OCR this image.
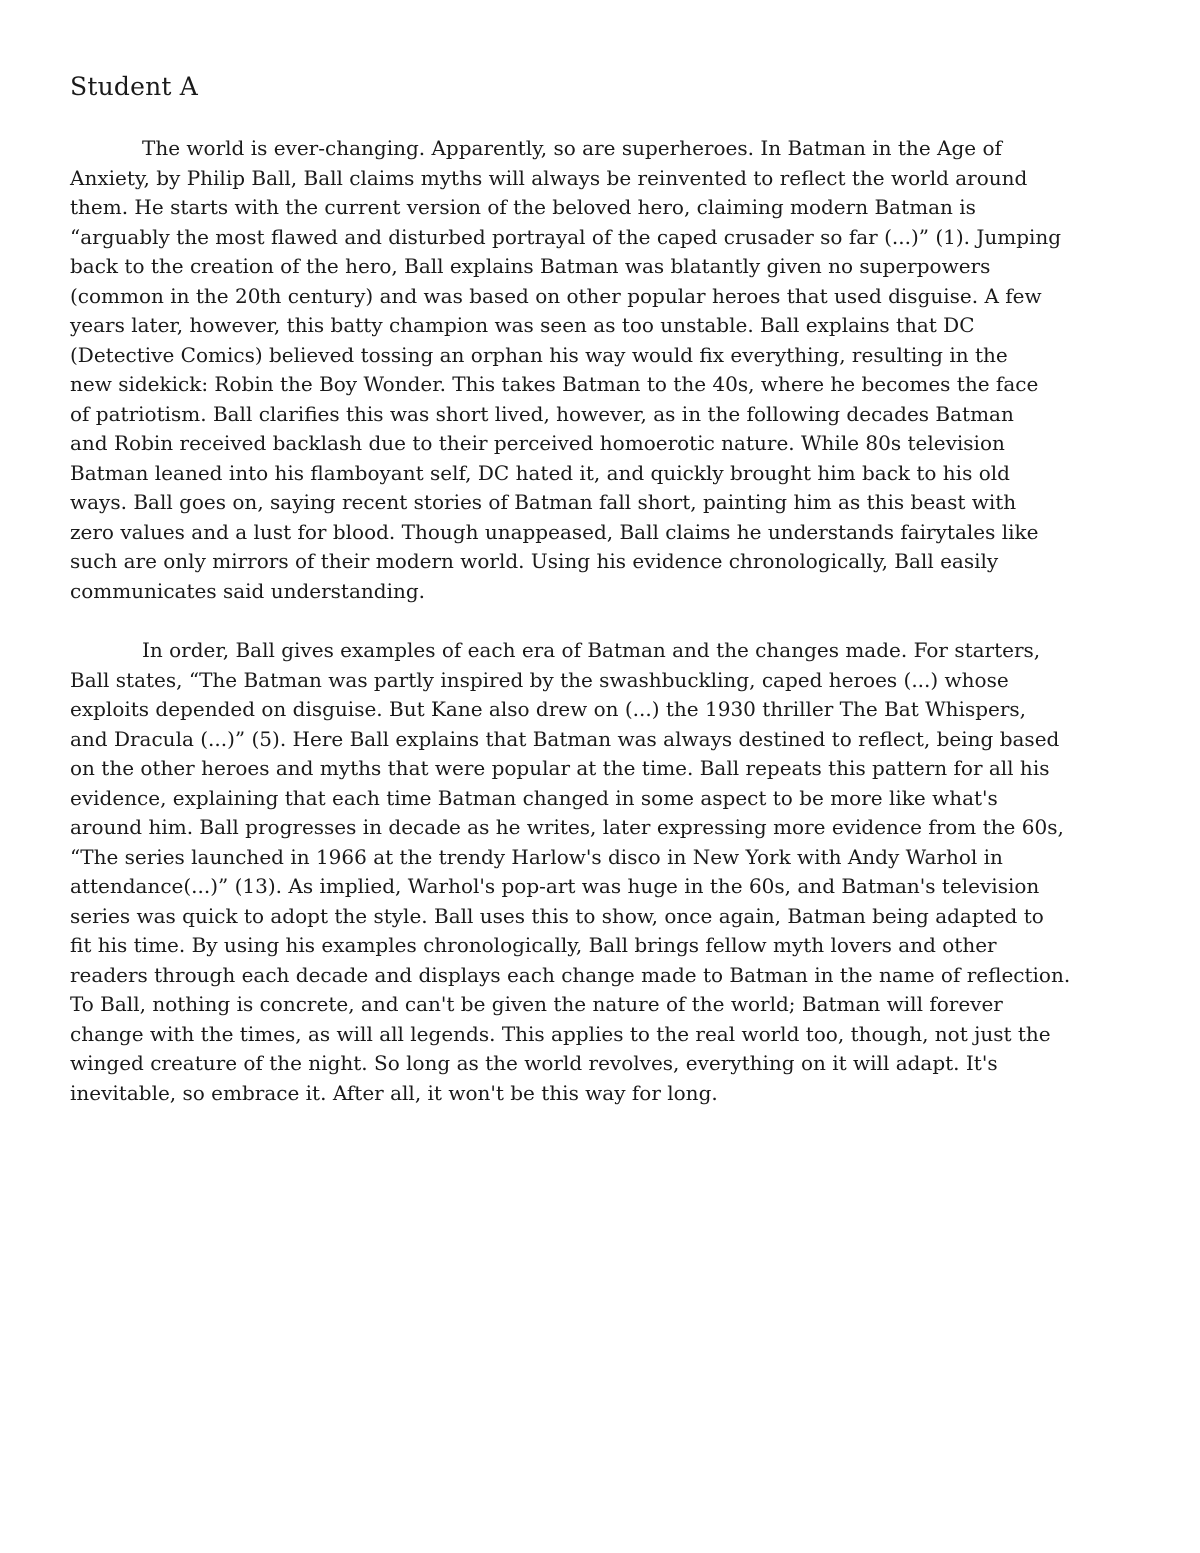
Student A

The world is ever-changing. Apparently, so are superheroes. In Batman in the Age of
Anxiety, by Philip Ball, Ball claims myths will always be reinvented to reflect the world around
them. He starts with the current version of the beloved hero, claiming modern Batman is
“arguably the most flawed and disturbed portrayal of the caped crusader so far (...)” (1). Jumping
back to the creation of the hero, Ball explains Batman was blatantly given no superpowers
(common in the 20th century) and was based on other popular heroes that used disguise. A few
years later, however, this batty champion was seen as too unstable. Ball explains that DC
(Detective Comics) believed tossing an orphan his way would fix everything, resulting in the
new sidekick: Robin the Boy Wonder. This takes Batman to the 40s, where he becomes the face
of patriotism. Ball clarifies this was short lived, however, as in the following decades Batman
and Robin received backlash due to their perceived homoerotic nature. While 80s television
Batman leaned into his flamboyant self, DC hated it, and quickly brought him back to his old
ways. Ball goes on, saying recent stories of Batman fall short, painting him as this beast with
zero values and a lust for blood. Though unappeased, Ball claims he understands fairytales like
such are only mirrors of their modern world. Using his evidence chronologically, Ball easily
communicates said understanding.

In order, Ball gives examples of each era of Batman and the changes made. For starters,
Ball states, “The Batman was partly inspired by the swashbuckling, caped heroes (...) whose
exploits depended on disguise. But Kane also drew on (...) the 1930 thriller The Bat Whispers,
and Dracula (...)” (5). Here Ball explains that Batman was always destined to reflect, being based
on the other heroes and myths that were popular at the time. Ball repeats this pattern for all his
evidence, explaining that each time Batman changed in some aspect to be more like what's
around him. Ball progresses in decade as he writes, later expressing more evidence from the 60s,
“The series launched in 1966 at the trendy Harlow's disco in New York with Andy Warhol in
attendance(...)” (13). As implied, Warhol's pop-art was huge in the 60s, and Batman's television
series was quick to adopt the style. Ball uses this to show, once again, Batman being adapted to
fit his time. By using his examples chronologically, Ball brings fellow myth lovers and other
readers through each decade and displays each change made to Batman in the name of reflection.
To Ball, nothing is concrete, and can't be given the nature of the world; Batman will forever
change with the times, as will all legends. This applies to the real world too, though, not just the
winged creature of the night. So long as the world revolves, everything on it will adapt. It's
inevitable, so embrace it. After all, it won't be this way for long.
